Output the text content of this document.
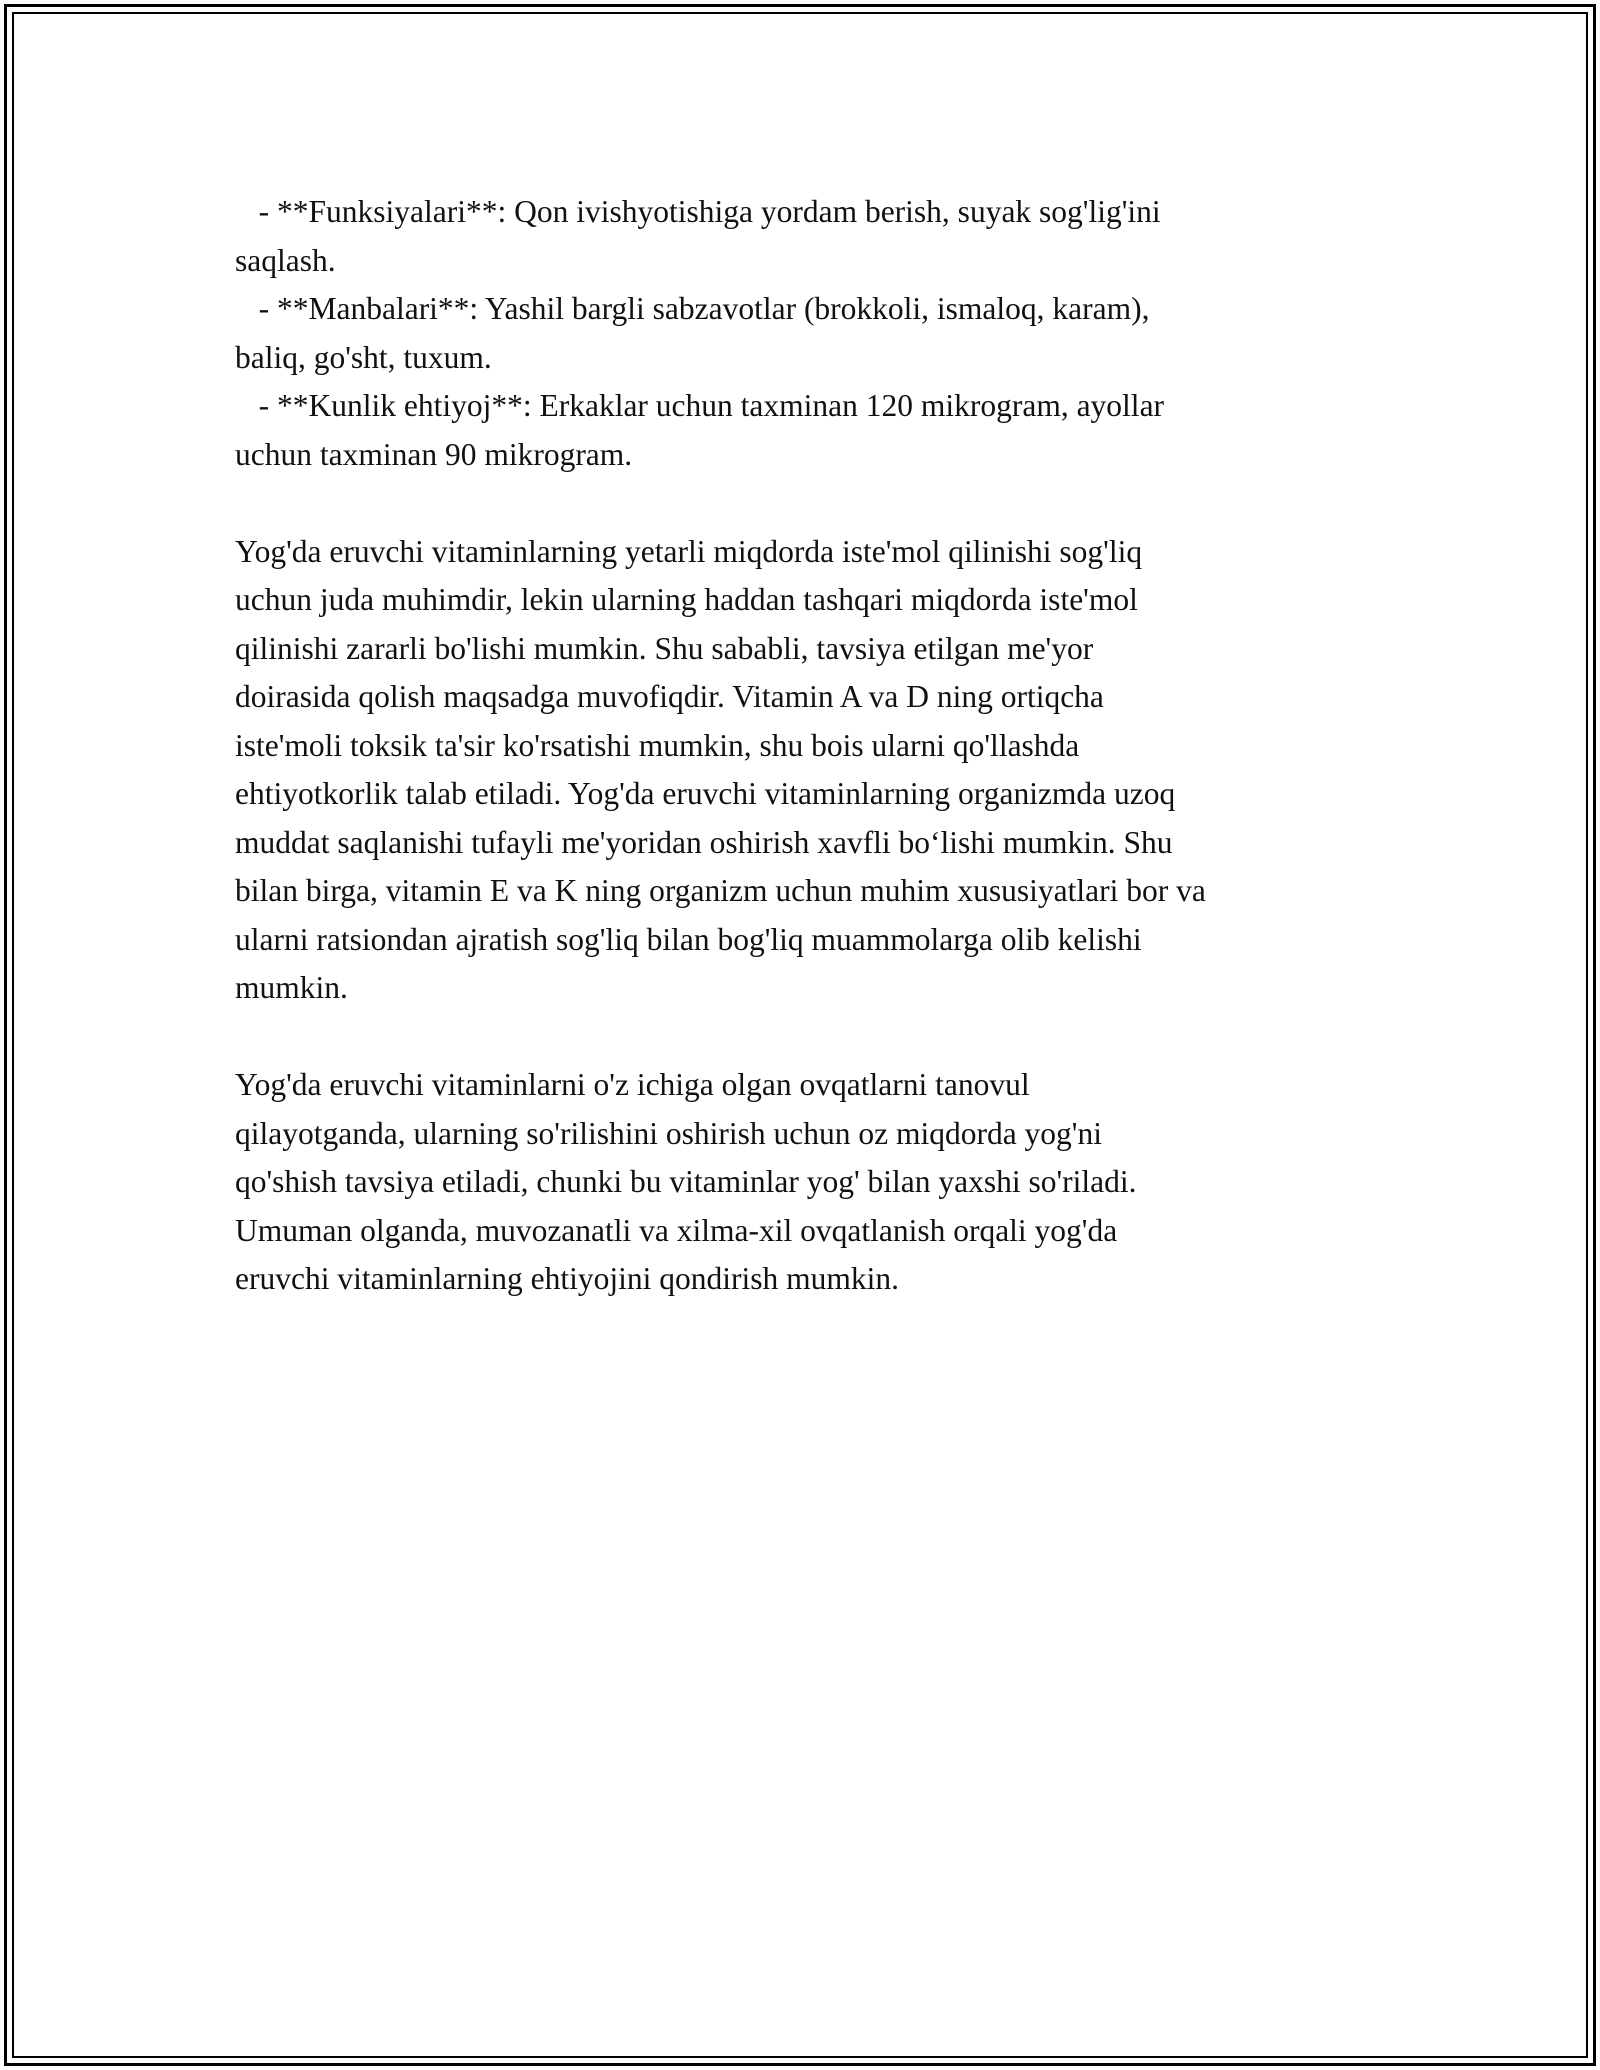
- **Funksiyalari**: Qon ivishyotishiga yordam berish, suyak sog'lig'ini
saqlash.
- **Manbalari**: Yashil bargli sabzavotlar (brokkoli, ismaloq, karam),
baliq, go'sht, tuxum.
- **Kunlik ehtiyoj**: Erkaklar uchun taxminan 120 mikrogram, ayollar
uchun taxminan 90 mikrogram.
Yog'da eruvchi vitaminlarning yetarli miqdorda iste'mol qilinishi sog'liq
uchun juda muhimdir, lekin ularning haddan tashqari miqdorda iste'mol
qilinishi zararli bo'lishi mumkin. Shu sababli, tavsiya etilgan me'yor
doirasida qolish maqsadga muvofiqdir. Vitamin A va D ning ortiqcha
iste'moli toksik ta'sir ko'rsatishi mumkin, shu bois ularni qo'llashda
ehtiyotkorlik talab etiladi. Yog'da eruvchi vitaminlarning organizmda uzoq
muddat saqlanishi tufayli me'yoridan oshirish xavfli bo‘lishi mumkin. Shu
bilan birga, vitamin E va K ning organizm uchun muhim xususiyatlari bor va
ularni ratsiondan ajratish sog'liq bilan bog'liq muammolarga olib kelishi
mumkin.
Yog'da eruvchi vitaminlarni o'z ichiga olgan ovqatlarni tanovul
qilayotganda, ularning so'rilishini oshirish uchun oz miqdorda yog'ni
qo'shish tavsiya etiladi, chunki bu vitaminlar yog' bilan yaxshi so'riladi.
Umuman olganda, muvozanatli va xilma-xil ovqatlanish orqali yog'da
eruvchi vitaminlarning ehtiyojini qondirish mumkin.
